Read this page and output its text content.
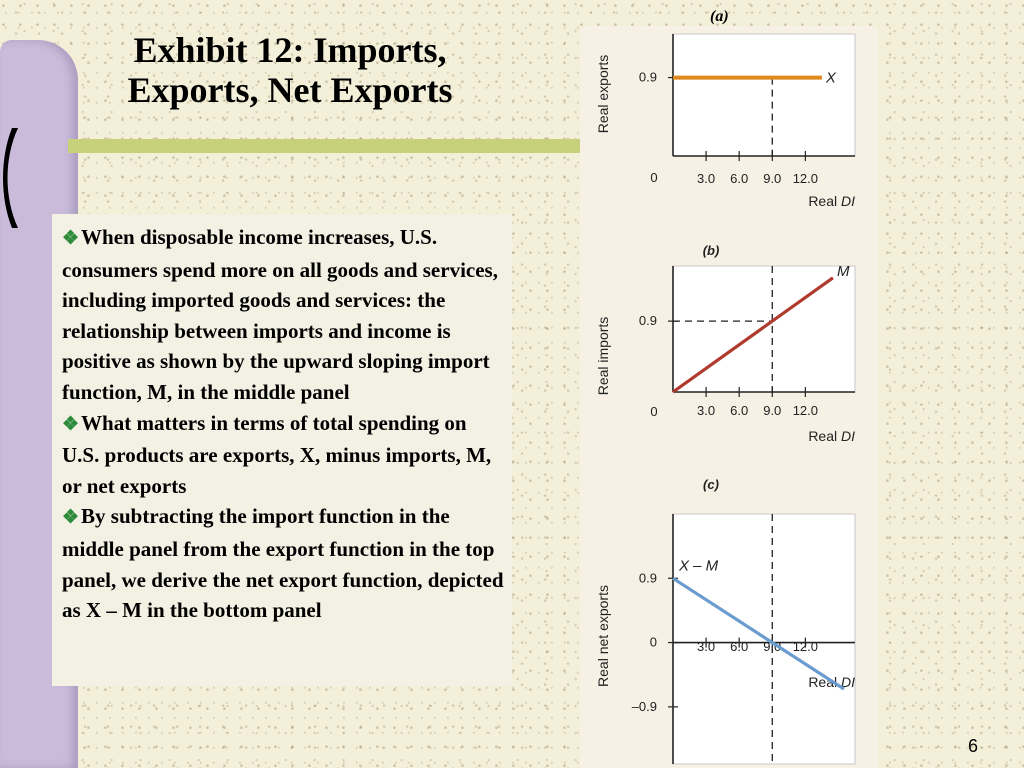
Exhibit 12: Imports,
Exports, Net Exports

❖When disposable income increases, U.S. consumers spend more on all goods and services, including imported goods and services: the relationship between imports and income is positive as shown by the upward sloping import function, M, in the middle panel

❖What matters in terms of total spending on U.S. products are exports, X, minus imports, M, or net exports

❖By subtracting the import function in the middle panel from the export function in the top panel, we derive the net export function, depicted as X – M in the bottom panel

(a)
3.0 6.0 9.0 12.0
0.9
0
Real DI
Real exports	X
3.0 6.0 9.0 12.0
0.9
0
Real DI
Real imports
(b)
M
3.0 6.0 9.0 12.0
0.9
0
–0.9
Real DI
Real net exports
(c)
X – M
6
